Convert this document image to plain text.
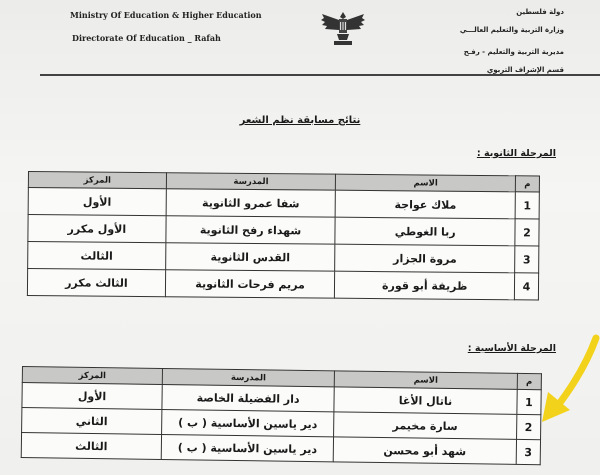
Ministry Of Education & Higher Education
Directorate Of Education _ Rafah
دولة فلسطين
وزارة التربية والتعليم العالـــي
مديرية التربية والتعليم - رفـح
قسم الإشراف التربوي
نتائج مسابقة نظم الشعر
المرحلة الثانوية :
م	الاسم	المدرسة	المركز
1	ملاك عواجة	شفا عمرو الثانوية	الأول
2	ربا الغوطي	شهداء رفح الثانوية	الأول مكرر
3	مروة الجزار	القدس الثانوية	الثالث
4	ظريفة أبو قورة	مريم فرحات الثانوية	الثالث مكرر
المرحلة الأساسية :
م	الاسم	المدرسة	المركز
1	ناتال الأغا	دار الفضيلة الخاصة	الأول
2	سارة مخيمر	دير ياسين الأساسية ( ب )	الثاني
3	شهد أبو محسن	دير ياسين الأساسية ( ب )	الثالث
